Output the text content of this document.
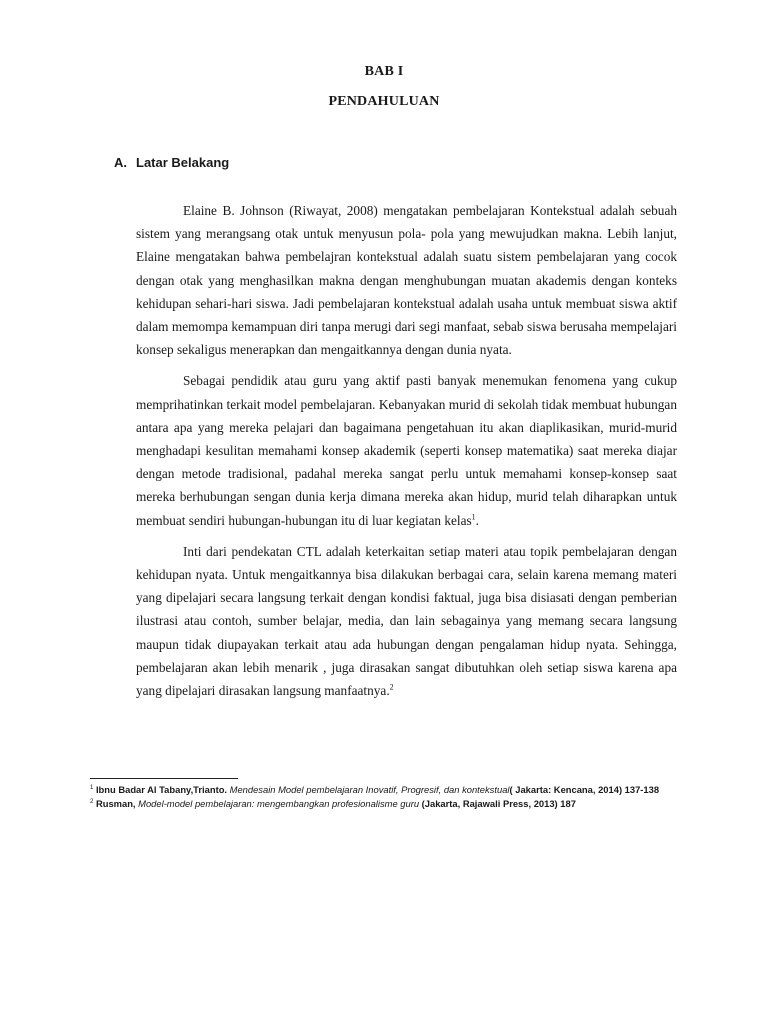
BAB I
PENDAHULUAN
A. Latar Belakang

Elaine B. Johnson (Riwayat, 2008) mengatakan pembelajaran Kontekstual adalah sebuah sistem yang merangsang otak untuk menyusun pola- pola yang mewujudkan makna. Lebih lanjut, Elaine mengatakan bahwa pembelajran kontekstual adalah suatu sistem pembelajaran yang cocok dengan otak yang menghasilkan makna dengan menghubungan muatan akademis dengan konteks kehidupan sehari-hari siswa. Jadi pembelajaran kontekstual adalah usaha untuk membuat siswa aktif dalam memompa kemampuan diri tanpa merugi dari segi manfaat, sebab siswa berusaha mempelajari konsep sekaligus menerapkan dan mengaitkannya dengan dunia nyata.

Sebagai pendidik atau guru yang aktif pasti banyak menemukan fenomena yang cukup memprihatinkan terkait model pembelajaran. Kebanyakan murid di sekolah tidak membuat hubungan antara apa yang mereka pelajari dan bagaimana pengetahuan itu akan diaplikasikan, murid-murid menghadapi kesulitan memahami konsep akademik (seperti konsep matematika) saat mereka diajar dengan metode tradisional, padahal mereka sangat perlu untuk memahami konsep-konsep saat mereka berhubungan sengan dunia kerja dimana mereka akan hidup, murid telah diharapkan untuk membuat sendiri hubungan-hubungan itu di luar kegiatan kelas$^1$.

Inti dari pendekatan CTL adalah keterkaitan setiap materi atau topik pembelajaran dengan kehidupan nyata. Untuk mengaitkannya bisa dilakukan berbagai cara, selain karena memang materi yang dipelajari secara langsung terkait dengan kondisi faktual, juga bisa disiasati dengan pemberian ilustrasi atau contoh, sumber belajar, media, dan lain sebagainya yang memang secara langsung maupun tidak diupayakan terkait atau ada hubungan dengan pengalaman hidup nyata. Sehingga, pembelajaran akan lebih menarik , juga dirasakan sangat dibutuhkan oleh setiap siswa karena apa yang dipelajari dirasakan langsung manfaatnya.$^2$

$^1$ Ibnu Badar Al Tabany,Trianto. Mendesain Model pembelajaran Inovatif, Progresif, dan kontekstual( Jakarta: Kencana, 2014) 137-138
$^2$ Rusman, Model-model pembelajaran: mengembangkan profesionalisme guru (Jakarta, Rajawali Press, 2013) 187
